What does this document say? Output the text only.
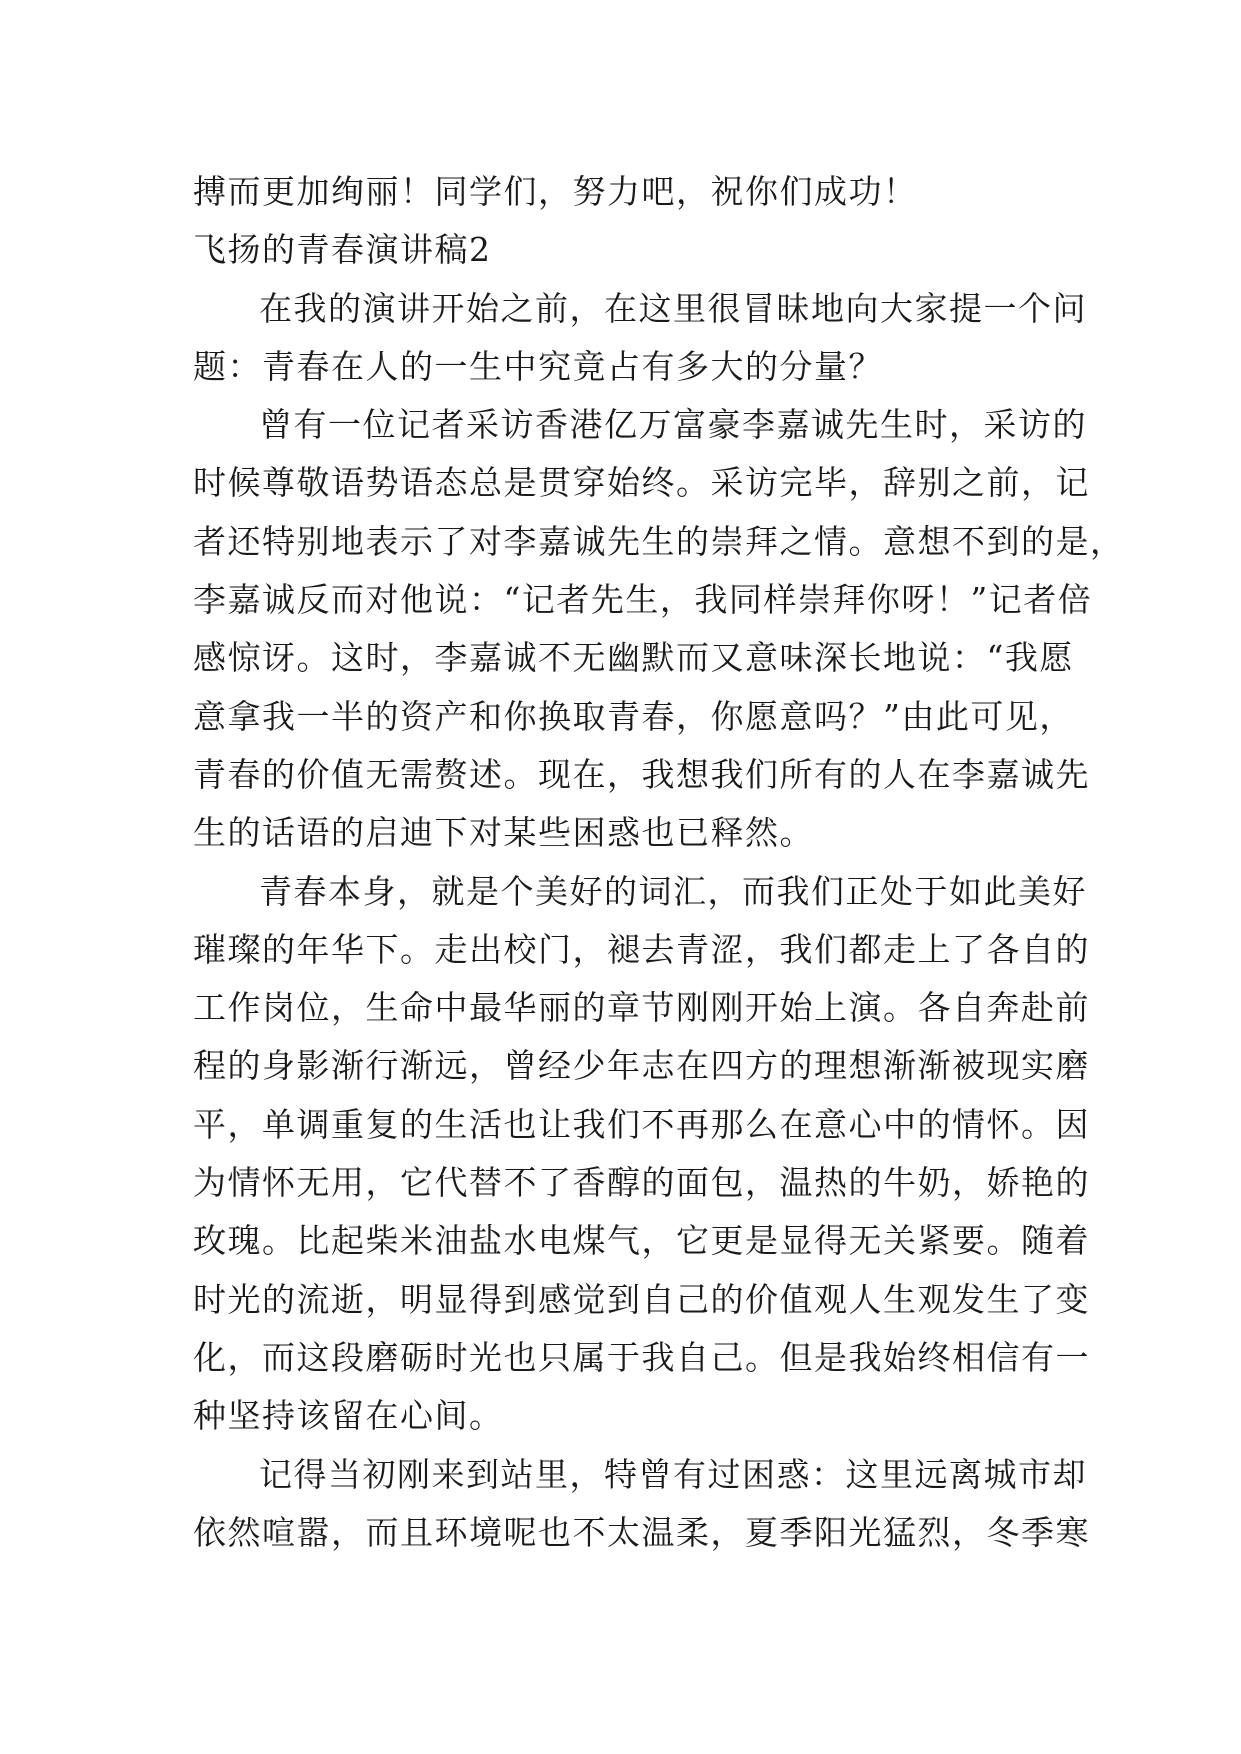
搏而更加绚丽！同学们，努力吧，祝你们成功！
飞扬的青春演讲稿2
在我的演讲开始之前，在这里很冒昧地向大家提一个问
题：青春在人的一生中究竟占有多大的分量？
曾有一位记者采访香港亿万富豪李嘉诚先生时，采访的
时候尊敬语势语态总是贯穿始终。采访完毕，辞别之前，记
者还特别地表示了对李嘉诚先生的崇拜之情。意想不到的是，
李嘉诚反而对他说：“记者先生，我同样崇拜你呀！”记者倍
感惊讶。这时，李嘉诚不无幽默而又意味深长地说：“我愿
意拿我一半的资产和你换取青春，你愿意吗？”由此可见，
青春的价值无需赘述。现在，我想我们所有的人在李嘉诚先
生的话语的启迪下对某些困惑也已释然。
青春本身，就是个美好的词汇，而我们正处于如此美好
璀璨的年华下。走出校门，褪去青涩，我们都走上了各自的
工作岗位，生命中最华丽的章节刚刚开始上演。各自奔赴前
程的身影渐行渐远，曾经少年志在四方的理想渐渐被现实磨
平，单调重复的生活也让我们不再那么在意心中的情怀。因
为情怀无用，它代替不了香醇的面包，温热的牛奶，娇艳的
玫瑰。比起柴米油盐水电煤气，它更是显得无关紧要。随着
时光的流逝，明显得到感觉到自己的价值观人生观发生了变
化，而这段磨砺时光也只属于我自己。但是我始终相信有一
种坚持该留在心间。
记得当初刚来到站里，特曾有过困惑：这里远离城市却
依然喧嚣，而且环境呢也不太温柔，夏季阳光猛烈，冬季寒
